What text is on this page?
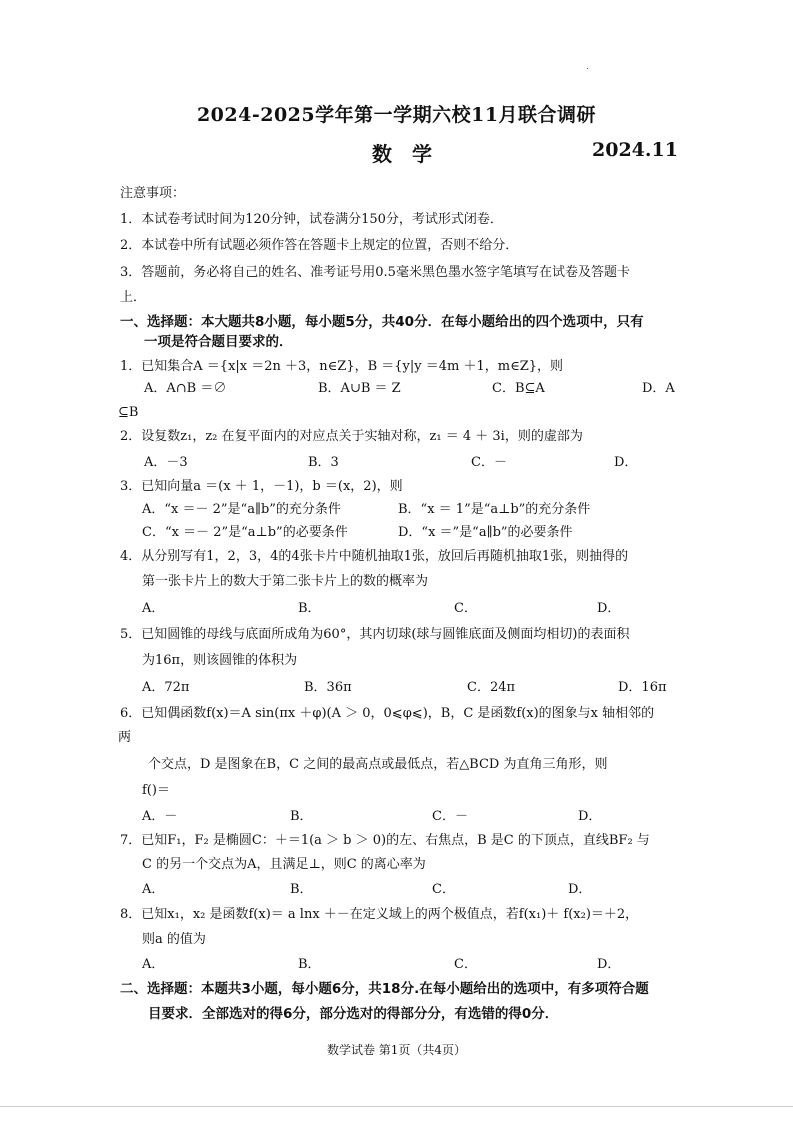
.
2024-2025学年第一学期六校11月联合调研
数学	2024.11
注意事项：
1．本试卷考试时间为120分钟，试卷满分150分，考试形式闭卷．
2．本试卷中所有试题必须作答在答题卡上规定的位置，否则不给分．
3．答题前，务必将自己的姓名、准考证号用0.5毫米黑色墨水签字笔填写在试卷及答题卡
上．
一、选择题：本大题共8小题，每小题5分，共40分．在每小题给出的四个选项中，只有
一项是符合题目要求的．
1．已知集合A ＝{x|x ＝2n ＋3，n∈Z}，B ＝{y|y ＝4m ＋1，m∈Z}，则
A．A∩B ＝∅	B．A∪B ＝ Z	C．B⊆A	D．A
⊆B
2．设复数z₁，z₂ 在复平面内的对应点关于实轴对称，z₁ ＝ 4 ＋ 3i，则的虚部为
A．－3	B．3	C．－	D．
3．已知向量a ＝(x ＋ 1，－1)，b ＝(x，2)，则
A．“x ＝－ 2”是“a∥b”的充分条件	B．“x ＝ 1”是“a⊥b”的充分条件
C．“x ＝－ 2”是“a⊥b”的必要条件	D．“x ＝”是“a∥b”的必要条件
4．从分别写有1，2，3，4的4张卡片中随机抽取1张，放回后再随机抽取1张，则抽得的
第一张卡片上的数大于第二张卡片上的数的概率为
A．	B．	C．	D．
5．已知圆锥的母线与底面所成角为60°，其内切球(球与圆锥底面及侧面均相切)的表面积
为16π，则该圆锥的体积为
A．72π	B．36π	C．24π	D．16π
6．已知偶函数f(x)＝A sin(πx ＋φ)(A ＞ 0，0⩽φ⩽)，B，C 是函数f(x)的图象与x 轴相邻的
两
个交点，D 是图象在B，C 之间的最高点或最低点，若△BCD 为直角三角形，则
f()＝
A．－	B．	C．－	D．
7．已知F₁，F₂ 是椭圆C：＋＝1(a ＞ b ＞ 0)的左、右焦点，B 是C 的下顶点，直线BF₂ 与
C 的另一个交点为A，且满足⊥，则C 的离心率为
A．	B．	C．	D．
8．已知x₁，x₂ 是函数f(x)＝ a lnx ＋－在定义域上的两个极值点，若f(x₁)＋ f(x₂)＝＋2，
则a 的值为
A．	B．	C．	D．
二、选择题：本题共3小题，每小题6分，共18分.在每小题给出的选项中，有多项符合题
目要求．全部选对的得6分，部分选对的得部分分，有选错的得0分．
数学试卷 第1页（共4页）
